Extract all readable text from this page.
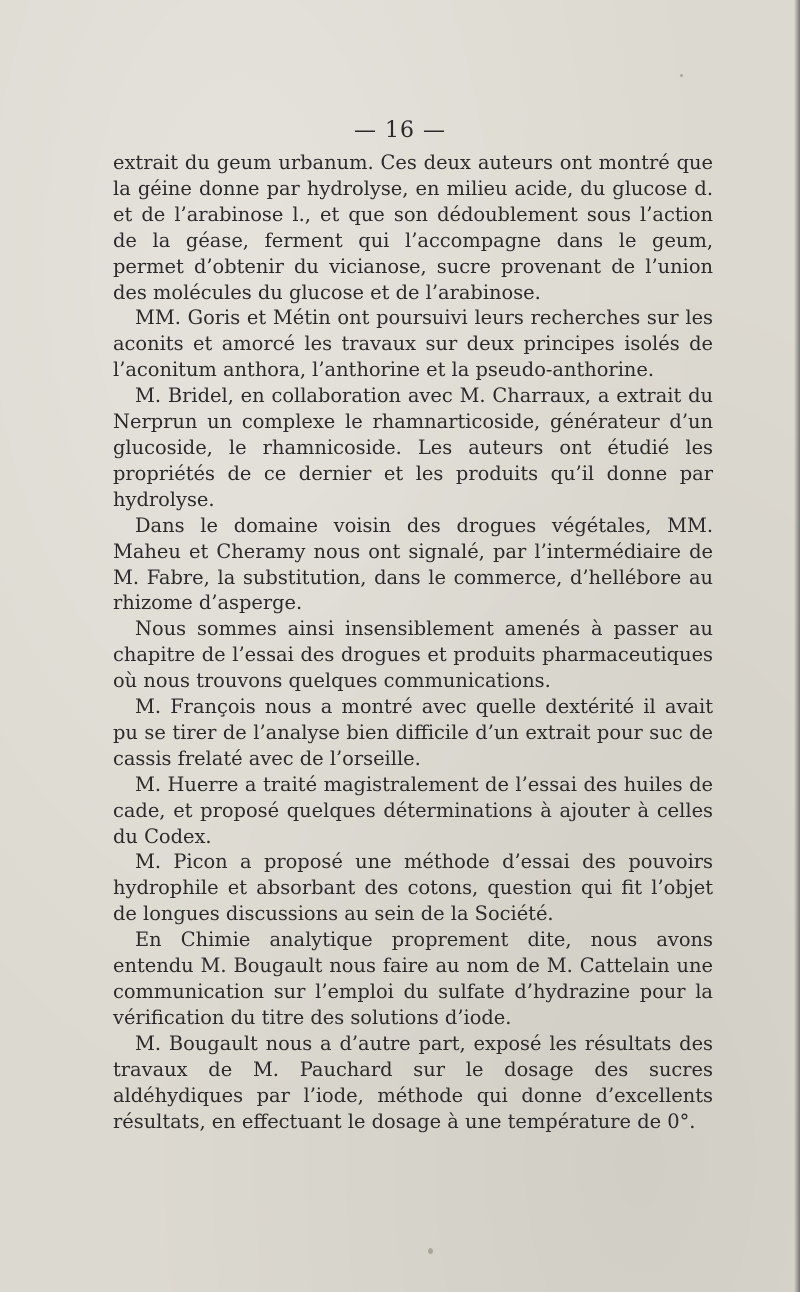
— 16 —

extrait du geum urbanum. Ces deux auteurs ont montré que la géine donne par hydrolyse, en milieu acide, du glucose d. et de l’arabinose l., et que son dédoublement sous l’action de la géase, ferment qui l’accompagne dans le geum, permet d’obtenir du vicianose, sucre provenant de l’union des molécules du glucose et de l’arabinose.

MM. Goris et Métin ont poursuivi leurs recherches sur les aconits et amorcé les travaux sur deux principes isolés de l’aconitum anthora, l’anthorine et la pseudo-anthorine.

M. Bridel, en collaboration avec M. Charraux, a extrait du Nerprun un complexe le rhamnarticoside, générateur d’un glucoside, le rhamnicoside. Les auteurs ont étudié les propriétés de ce dernier et les produits qu’il donne par hydrolyse.

Dans le domaine voisin des drogues végétales, MM. Maheu et Cheramy nous ont signalé, par l’intermédiaire de M. Fabre, la substitution, dans le commerce, d’hellébore au rhizome d’asperge.

Nous sommes ainsi insensiblement amenés à passer au chapitre de l’essai des drogues et produits pharmaceutiques où nous trouvons quelques communications.

M. François nous a montré avec quelle dextérité il avait pu se tirer de l’analyse bien difficile d’un extrait pour suc de cassis frelaté avec de l’orseille.

M. Huerre a traité magistralement de l’essai des huiles de cade, et proposé quelques déterminations à ajouter à celles du Codex.

M. Picon a proposé une méthode d’essai des pouvoirs hydrophile et absorbant des cotons, question qui fit l’objet de longues discussions au sein de la Société.

En Chimie analytique proprement dite, nous avons entendu M. Bougault nous faire au nom de M. Cattelain une communication sur l’emploi du sulfate d’hydrazine pour la vérification du titre des solutions d’iode.

M. Bougault nous a d’autre part, exposé les résultats des travaux de M. Pauchard sur le dosage des sucres aldéhydiques par l’iode, méthode qui donne d’excellents résultats, en effectuant le dosage à une température de 0°.
